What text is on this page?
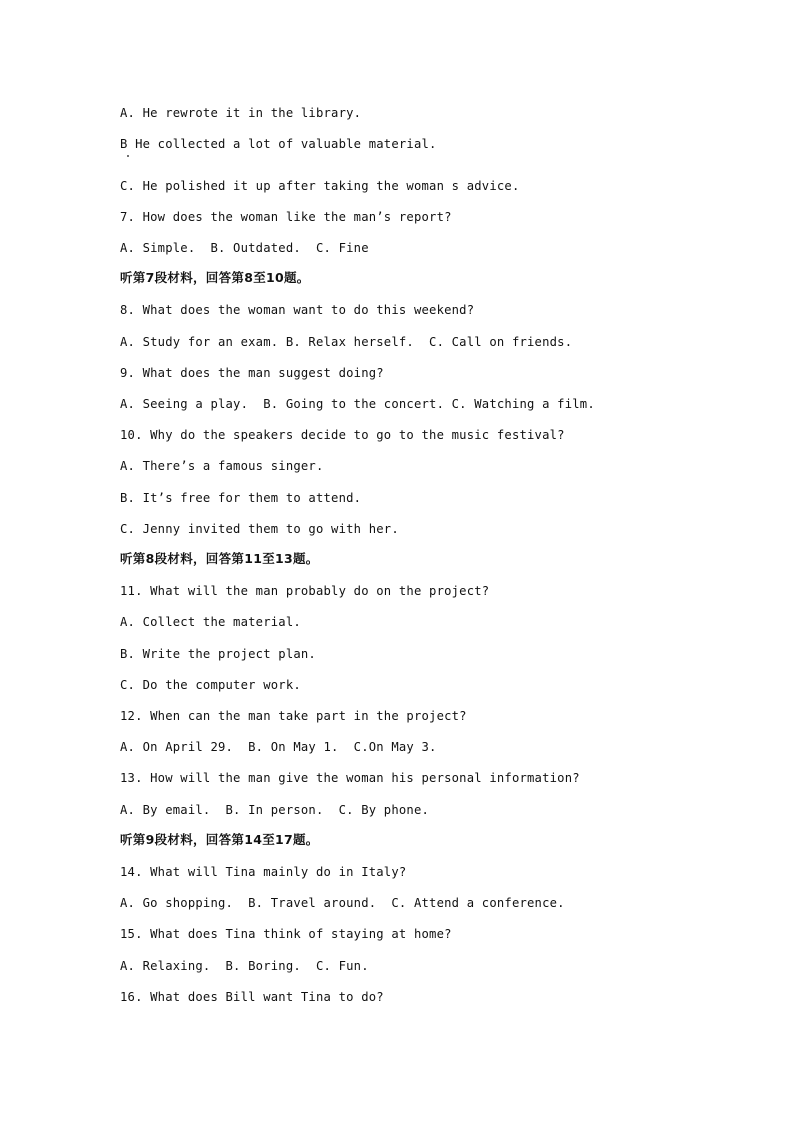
A. He rewrote it in the library.
B He collected a lot of valuable material.
C. He polished it up after taking the woman s advice.
7. How does the woman like the man’s report?
A. Simple.  B. Outdated.  C. Fine
听第7段材料，回答第8至10题。
8. What does the woman want to do this weekend?
A. Study for an exam. B. Relax herself.  C. Call on friends.
9. What does the man suggest doing?
A. Seeing a play.  B. Going to the concert. C. Watching a film.
10. Why do the speakers decide to go to the music festival?
A. There’s a famous singer.
B. It’s free for them to attend.
C. Jenny invited them to go with her.
听第8段材料，回答第11至13题。
11. What will the man probably do on the project?
A. Collect the material.
B. Write the project plan.
C. Do the computer work.
12. When can the man take part in the project?
A. On April 29.  B. On May 1.  C.On May 3.
13. How will the man give the woman his personal information?
A. By email.  B. In person.  C. By phone.
听第9段材料，回答第14至17题。
14. What will Tina mainly do in Italy?
A. Go shopping.  B. Travel around.  C. Attend a conference.
15. What does Tina think of staying at home?
A. Relaxing.  B. Boring.  C. Fun.
16. What does Bill want Tina to do?
